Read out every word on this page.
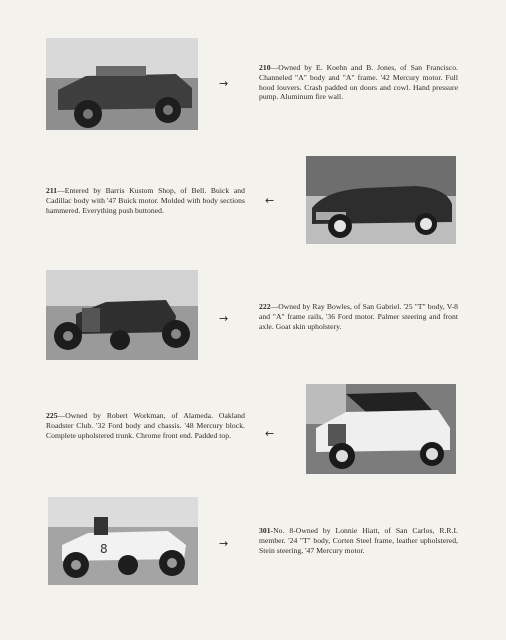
→
210—Owned by E. Koehn and B. Jones, of San Francisco. Channeled "A" body and "A" frame. '42 Mercury motor. Full hood louvers. Crash padded on doors and cowl. Hand pressure pump. Aluminum fire wall.
←
211—Entered by Barris Kustom Shop, of Bell. Buick and Cadillac body with '47 Buick motor. Molded with body sections hammered. Everything push buttoned.
→
222—Owned by Ray Bowles, of San Gabriel. '25 "T" body, V-8 and "A" frame rails, '36 Ford motor. Palmer steering and front axle. Goat skin upholstery.
←
225—Owned by Robert Workman, of Alameda. Oakland Roadster Club. '32 Ford body and chassis. '48 Mercury block. Complete upholstered trunk. Chrome front end. Padded top.
8	→
301-No. 8-Owned by Lonnie Hiatt, of San Carlos, R.R.I. member. '24 "T" body, Corten Steel frame, leather upholstered, Stein steering, '47 Mercury motor.
